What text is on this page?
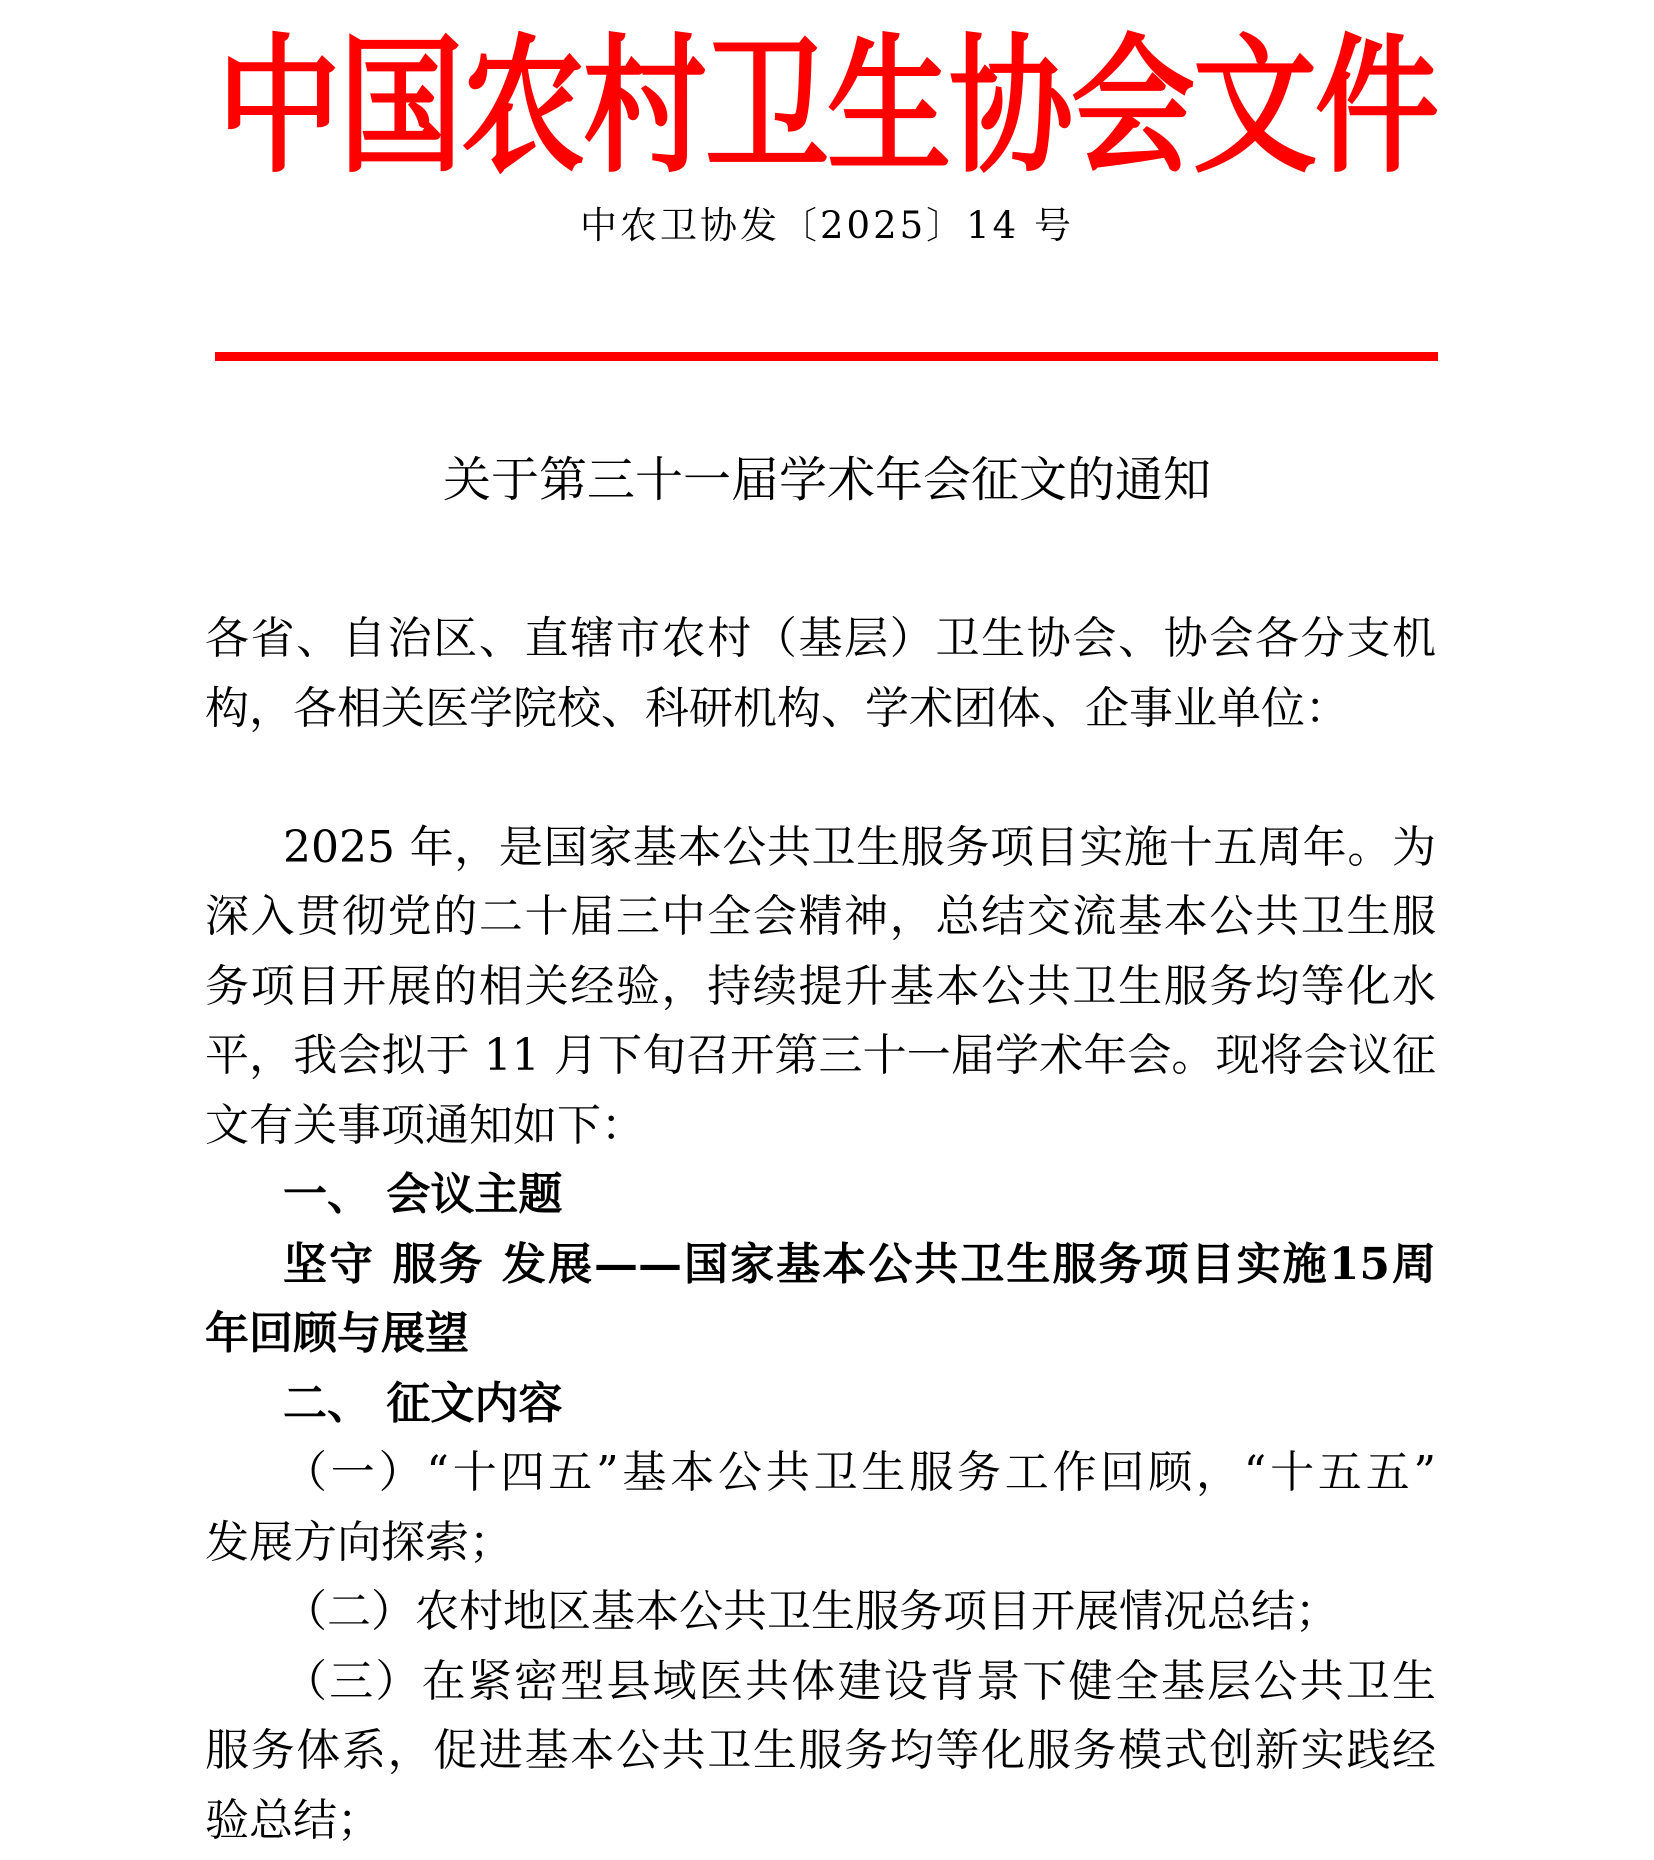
中国农村卫生协会文件
中农卫协发〔2025〕14 号
关于第三十一届学术年会征文的通知
各省、自治区、直辖市农村（基层）卫生协会、协会各分支机
构，各相关医学院校、科研机构、学术团体、企事业单位：
2025 年，是国家基本公共卫生服务项目实施十五周年。为
深入贯彻党的二十届三中全会精神，总结交流基本公共卫生服
务项目开展的相关经验，持续提升基本公共卫生服务均等化水
平，我会拟于 11 月下旬召开第三十一届学术年会。现将会议征
文有关事项通知如下：
一、 会议主题
坚守 服务 发展——国家基本公共卫生服务项目实施15周
年回顾与展望
二、 征文内容
（一）“十四五”基本公共卫生服务工作回顾，“十五五”
发展方向探索；
（二）农村地区基本公共卫生服务项目开展情况总结；
（三）在紧密型县域医共体建设背景下健全基层公共卫生
服务体系，促进基本公共卫生服务均等化服务模式创新实践经
验总结；
